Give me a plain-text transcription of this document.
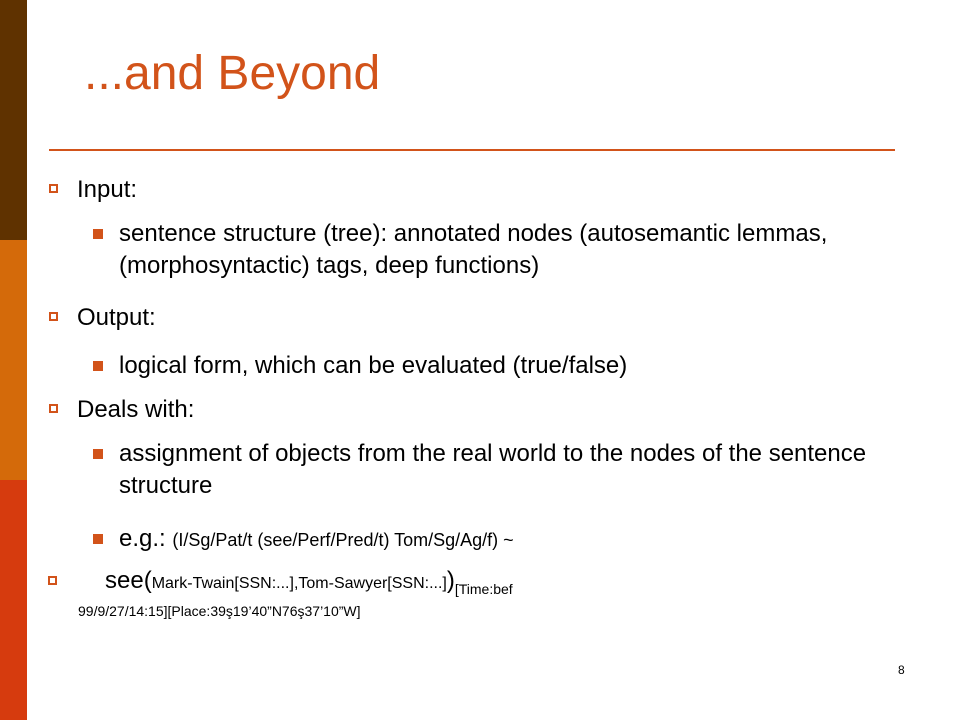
...and Beyond
Input:
sentence structure (tree): annotated nodes (autosemantic lemmas, (morphosyntactic) tags, deep functions)
Output:
logical form, which can be evaluated (true/false)
Deals with:
assignment of objects from the real world to the nodes of the sentence structure
e.g.: (I/Sg/Pat/t (see/Perf/Pred/t) Tom/Sg/Ag/f) ~
$see(Mark-Twain[SSN:...],Tom-Sawyer[SSN:...])_{[Time:bef}$
99/9/27/14:15][Place:39ş19’40”N76ş37’10”W]
8
